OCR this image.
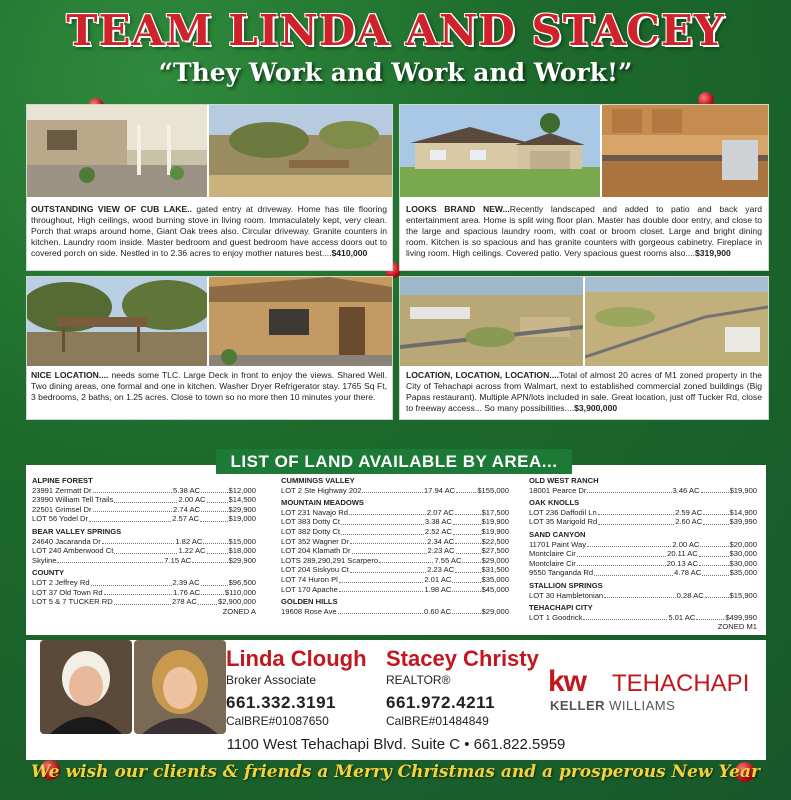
TEAM LINDA AND STACEY
“They Work and Work and Work!”
OUTSTANDING VIEW OF CUB LAKE.. gated entry at driveway. Home has tile flooring throughout, High ceilings, wood burning stove in living room. Immaculately kept, very clean. Porch that wraps around home, Giant Oak trees also. Circular driveway. Granite counters in kitchen. Laundry room inside. Master bedroom and guest bedroom have access doors out to covered porch on side. Nestled in to 2.36 acres to enjoy mother natures best....$410,000
LOOKS BRAND NEW...Recently landscaped and added to patio and back yard entertainment area. Home is split wing floor plan. Master has double door entry, and close to the large and spacious laundry room, with coat or broom closet. Large and bright dining room. Kitchen is so spacious and has granite counters with gorgeous cabinetry. Fireplace in living room. High ceilings. Covered patio. Very spacious guest rooms also....$319,900
NICE LOCATION.... needs some TLC. Large Deck in front to enjoy the views. Shared Well. Two dining areas, one formal and one in kitchen. Washer Dryer Refrigerator stay. 1765 Sq Ft, 3 bedrooms, 2 baths, on 1.25 acres. Close to town so no more then 10 minutes your there.
LOCATION, LOCATION, LOCATION....Total of almost 20 acres of M1 zoned property in the City of Tehachapi across from Walmart, next to established commercial zoned buildings (Big Papas restaurant). Multiple APN/lots included in sale. Great location, just off Tucker Rd, close to freeway access... So many possibilities....$3,900,000
ALPINE FOREST
23991 Zermatt Dr	5.38 AC	$12,000
23990 William Tell Trails	2.00 AC	$14,500
22501 Grimsel Dr	2.74 AC	$29,900
LOT 56 Yodel Dr	2.57 AC	$19,000
BEAR VALLEY SPRINGS
24640 Jacaranda Dr	1.82 AC	$15,000
LOT 240 Amberwood Ct	1.22 AC	$18,000
Skyline	7.15 AC	$29,900
COUNTY
LOT 2 Jeffrey Rd	2.39 AC	$96,500
LOT 37 Old Town Rd	1.76 AC	$110,000
LOT 5 & 7 TUCKER RD	278 AC	$2,900,000
ZONED A
CUMMINGS VALLEY
LOT 2 Ste Highway 202	17.94 AC	$155,000
MOUNTAIN MEADOWS
LOT 231 Navajo Rd	2.07 AC	$17,500
LOT 383 Dotty Ct	3.38 AC	$19,900
LOT 382 Dotty Ct	2.52 AC	$19,900
LOT 352 Wagner Dr	2.34 AC	$22,500
LOT 204 Klamath Dr	2.23 AC	$27,500
LOTS 289,290,291 Scarpero	7.55 AC	$29,000
LOT 204 Siskyou Ct	2.23 AC	$31,500
LOT 74 Huron Pl	2.01 AC	$35,000
LOT 170 Apache	1.98 AC	$45,000
GOLDEN HILLS
19608 Rose Ave	0.60 AC	$29,000
OLD WEST RANCH
18001 Pearce Dr	3.46 AC	$19,900
OAK KNOLLS
LOT 236 Daffodil Ln	2.59 AC	$14,900
LOT 35 Marigold Rd	2.60 AC	$39,990
SAND CANYON
11701 Paint Way	2.00 AC	$20,000
Montclaire Cir	20.11 AC	$30,000
Montclaire Cir	20.13 AC	$30,000
9550 Tanganda Rd	4.78 AC	$35,000
STALLION SPRINGS
LOT 30 Hambletonian	0.28 AC	$15,900
TEHACHAPI CITY
LOT 1 Goodrick	5.01 AC	$499,990
ZONED M1
LIST OF LAND AVAILABLE BY AREA...
Linda Clough
Broker Associate
661.332.3191
CalBRE#01087650
Stacey Christy
REALTOR®
661.972.4211
CalBRE#01484849
kw TEHACHAPI
KELLER WILLIAMS
1100 West Tehachapi Blvd. Suite C • 661.822.5959
We wish our clients & friends a Merry Christmas and a prosperous New Year
